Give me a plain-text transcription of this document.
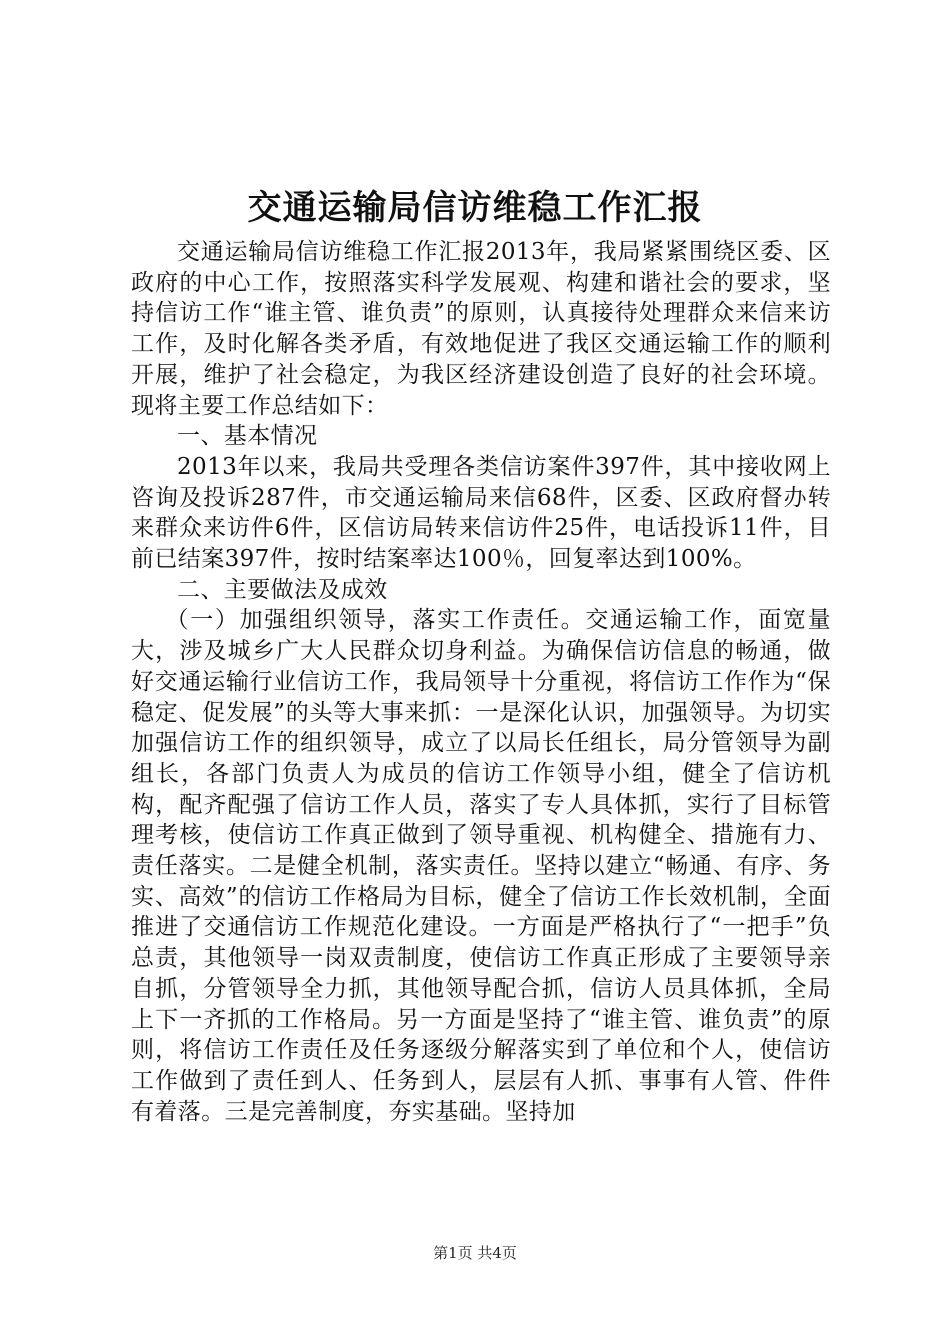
交通运输局信访维稳工作汇报

交通运输局信访维稳工作汇报2013年，我局紧紧围绕区委、区政府的中心工作，按照落实科学发展观、构建和谐社会的要求，坚持信访工作“谁主管、谁负责”的原则，认真接待处理群众来信来访工作，及时化解各类矛盾，有效地促进了我区交通运输工作的顺利开展，维护了社会稳定，为我区经济建设创造了良好的社会环境。现将主要工作总结如下：

一、基本情况

2013年以来，我局共受理各类信访案件397件，其中接收网上咨询及投诉287件，市交通运输局来信68件，区委、区政府督办转来群众来访件6件，区信访局转来信访件25件，电话投诉11件，目前已结案397件，按时结案率达100％，回复率达到100%。

二、主要做法及成效

（一）加强组织领导，落实工作责任。交通运输工作，面宽量大，涉及城乡广大人民群众切身利益。为确保信访信息的畅通，做好交通运输行业信访工作，我局领导十分重视，将信访工作作为“保稳定、促发展”的头等大事来抓：一是深化认识，加强领导。为切实加强信访工作的组织领导，成立了以局长任组长，局分管领导为副组长，各部门负责人为成员的信访工作领导小组，健全了信访机构，配齐配强了信访工作人员，落实了专人具体抓，实行了目标管理考核，使信访工作真正做到了领导重视、机构健全、措施有力、责任落实。二是健全机制，落实责任。坚持以建立“畅通、有序、务实、高效”的信访工作格局为目标，健全了信访工作长效机制，全面推进了交通信访工作规范化建设。一方面是严格执行了“一把手”负总责，其他领导一岗双责制度，使信访工作真正形成了主要领导亲自抓，分管领导全力抓，其他领导配合抓，信访人员具体抓，全局上下一齐抓的工作格局。另一方面是坚持了“谁主管、谁负责”的原则，将信访工作责任及任务逐级分解落实到了单位和个人，使信访工作做到了责任到人、任务到人，层层有人抓、事事有人管、件件有着落。三是完善制度，夯实基础。坚持加

第1页 共4页
